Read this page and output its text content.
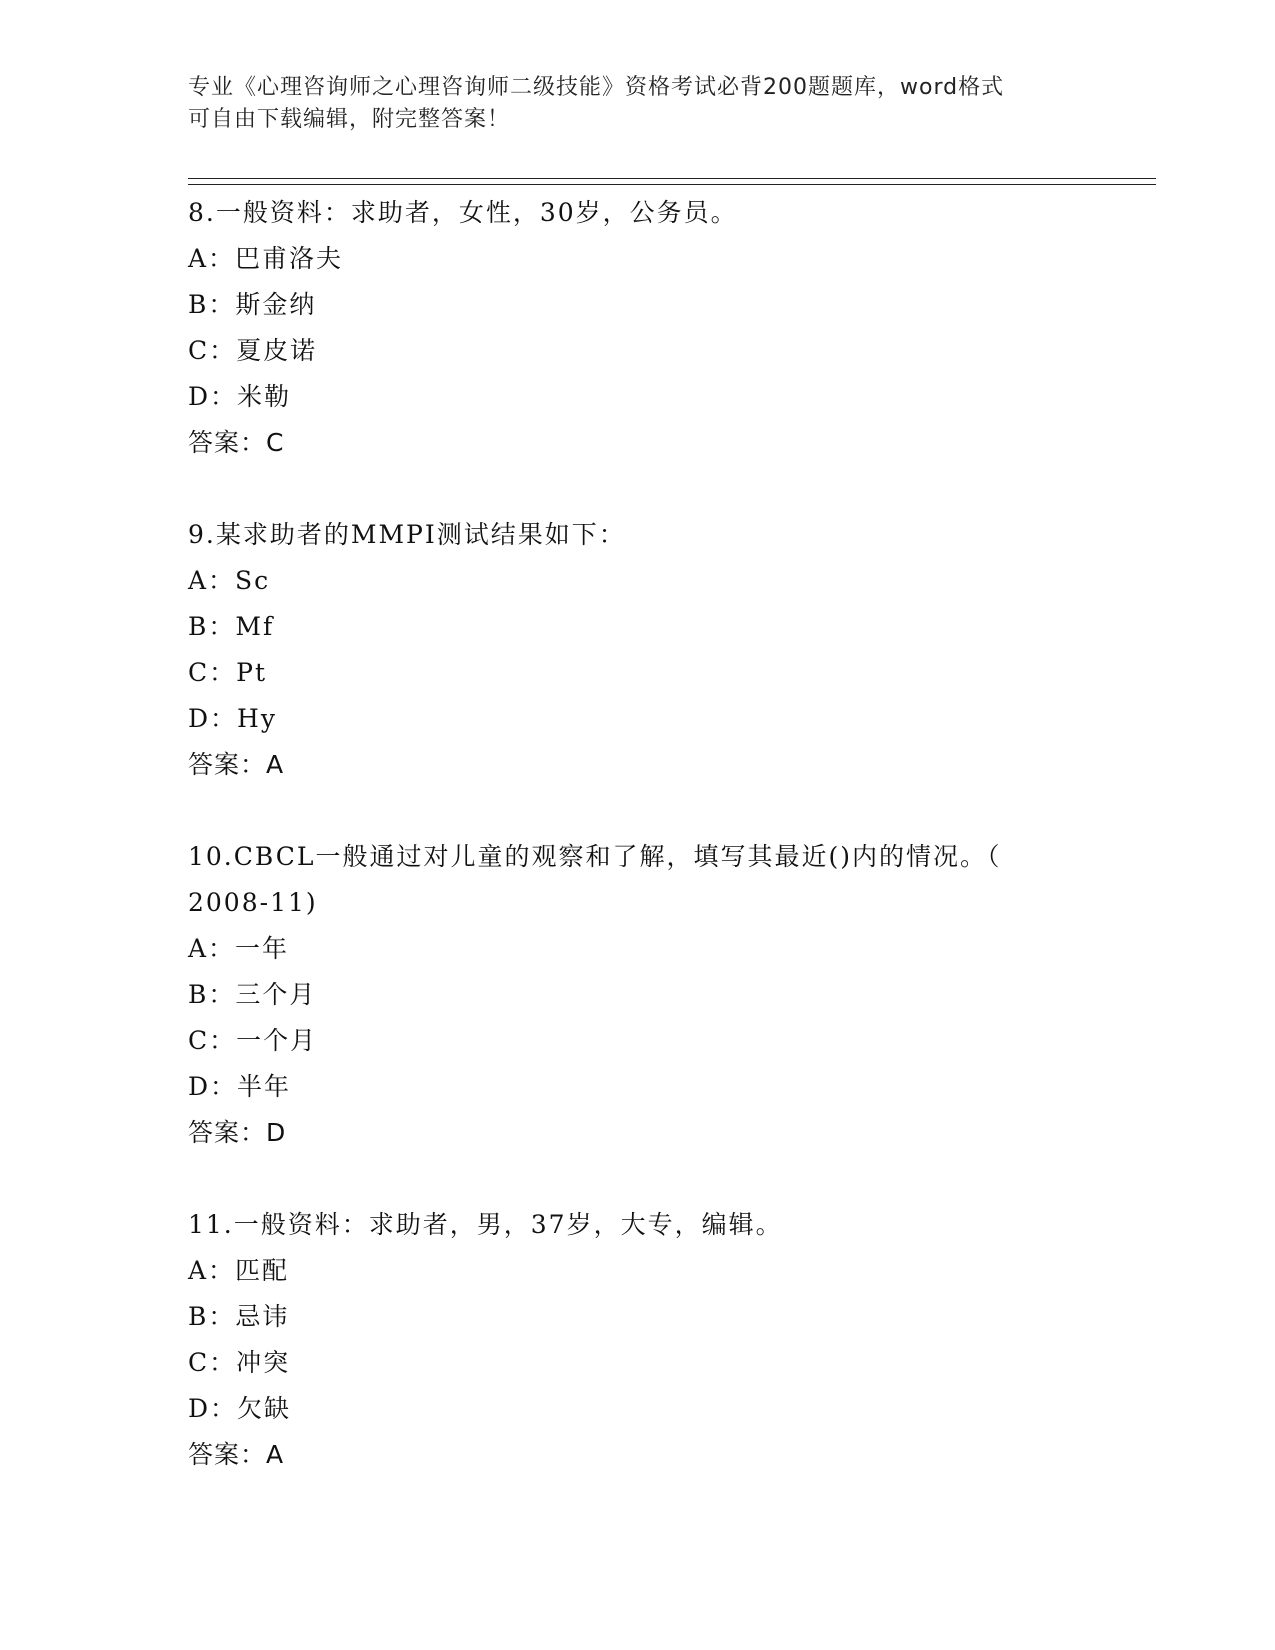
专业《心理咨询师之心理咨询师二级技能》资格考试必背200题题库，word格式
可自由下载编辑，附完整答案！
8.一般资料：求助者，女性，30岁，公务员。
A：巴甫洛夫
B：斯金纳
C：夏皮诺
D：米勒
答案：C
9.某求助者的MMPI测试结果如下：
A：Sc
B：Mf
C：Pt
D：Hy
答案：A
10.CBCL一般通过对儿童的观察和了解，填写其最近()内的情况。（
2008-11)
A：一年
B：三个月
C：一个月
D：半年
答案：D
11.一般资料：求助者，男，37岁，大专，编辑。
A：匹配
B：忌讳
C：冲突
D：欠缺
答案：A
